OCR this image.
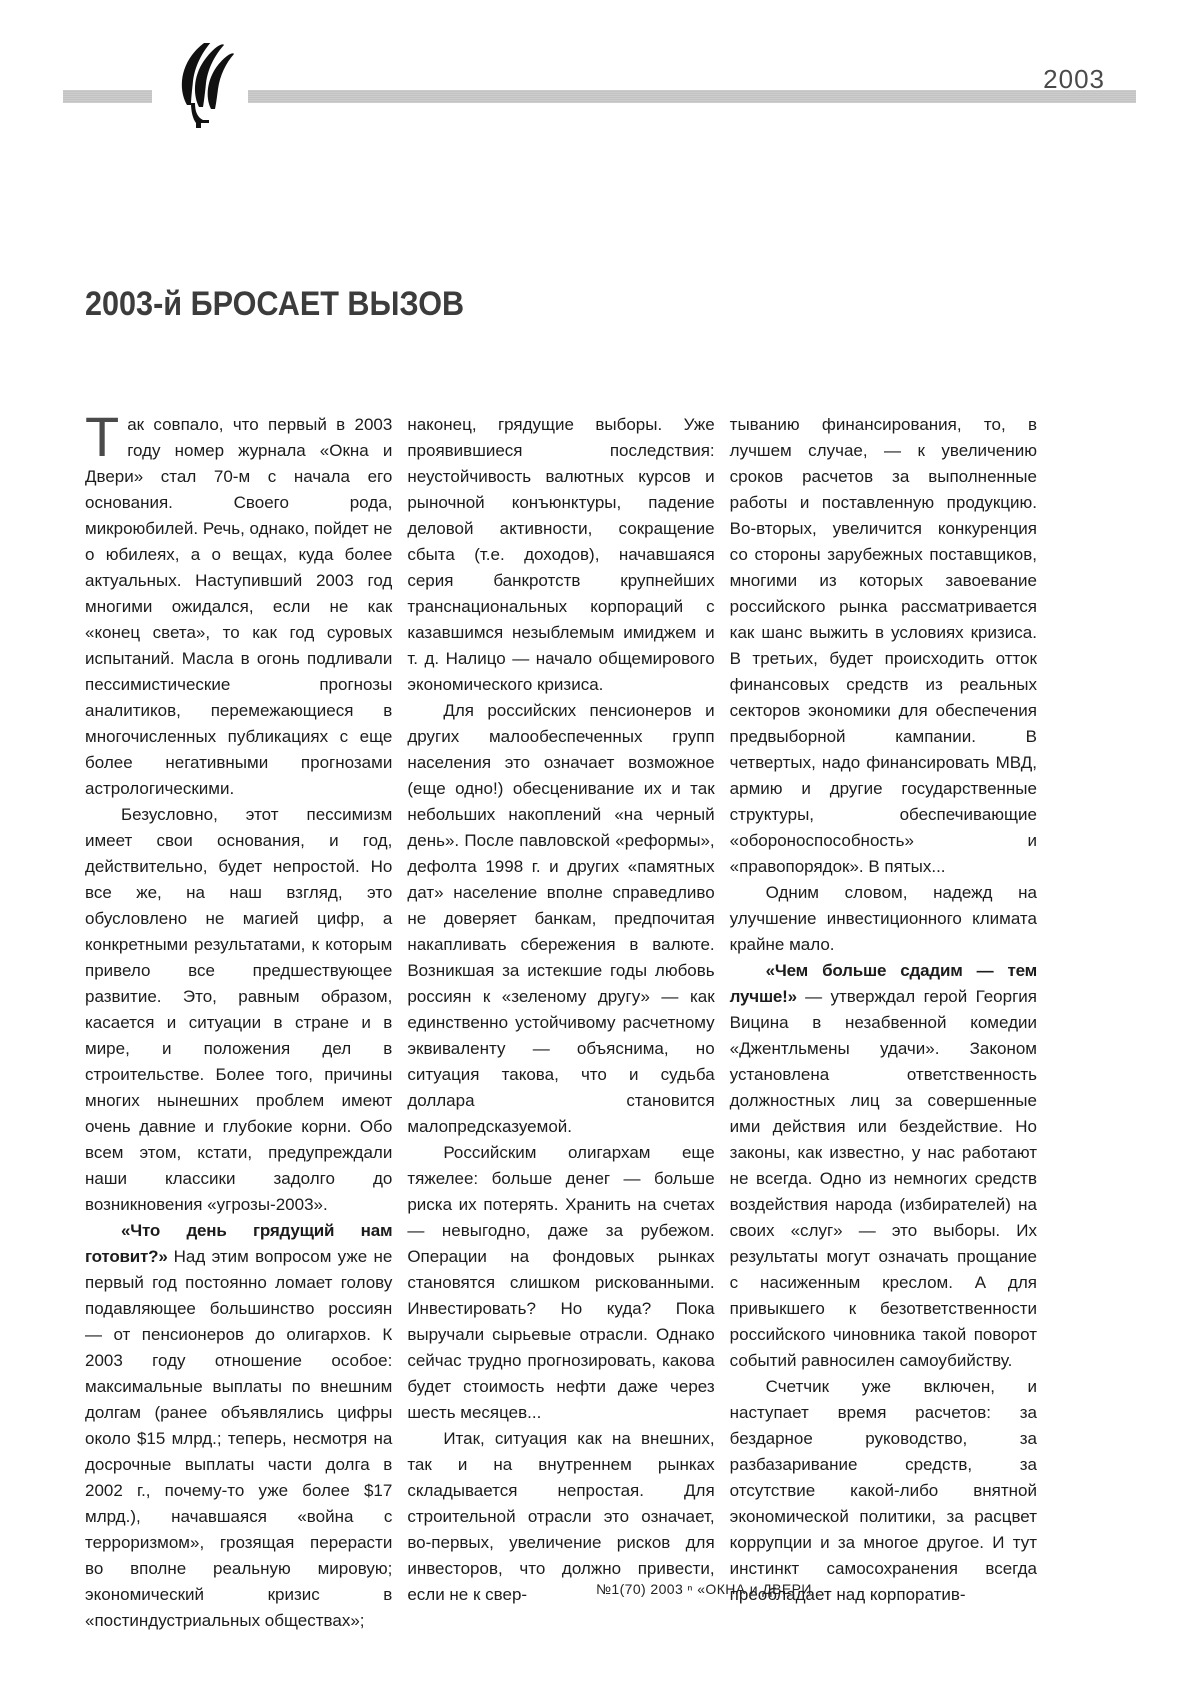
2003
2003-й БРОСАЕТ ВЫЗОВ

Так совпало, что первый в 2003 году номер журнала «Окна и Двери» стал 70-м с начала его основания. Своего рода, микроюбилей. Речь, однако, пойдет не о юбилеях, а о вещах, куда более актуальных. Наступивший 2003 год многими ожидался, если не как «конец света», то как год суровых испытаний. Масла в огонь подливали пессимистические прогнозы аналитиков, перемежающиеся в многочисленных публикациях с еще более негативными прогнозами астрологическими.

Безусловно, этот пессимизм имеет свои основания, и год, действительно, будет непростой. Но все же, на наш взгляд, это обусловлено не магией цифр, а конкретными результатами, к которым привело все предшествующее развитие. Это, равным образом, касается и ситуации в стране и в мире, и положения дел в строительстве. Более того, причины многих нынешних проблем имеют очень давние и глубокие корни. Обо всем этом, кстати, предупреждали наши классики задолго до возникновения «угрозы-2003».

«Что день грядущий нам готовит?» Над этим вопросом уже не первый год постоянно ломает голову подавляющее большинство россиян — от пенсионеров до олигархов. К 2003 году отношение особое: максимальные выплаты по внешним долгам (ранее объявлялись цифры около $15 млрд.; теперь, несмотря на досрочные выплаты части долга в 2002 г., почему-то уже более $17 млрд.), начавшаяся «война с терроризмом», грозящая перерасти во вполне реальную мировую; экономический кризис в «постиндустриальных обществах»;

наконец, грядущие выборы. Уже проявившиеся последствия: неустойчивость валютных курсов и рыночной конъюнктуры, падение деловой активности, сокращение сбыта (т.е. доходов), начавшаяся серия банкротств крупнейших транснациональных корпораций с казавшимся незыблемым имиджем и т. д. Налицо — начало общемирового экономического кризиса.

Для российских пенсионеров и других малообеспеченных групп населения это означает возможное (еще одно!) обесценивание их и так небольших накоплений «на черный день». После павловской «реформы», дефолта 1998 г. и других «памятных дат» население вполне справедливо не доверяет банкам, предпочитая накапливать сбережения в валюте. Возникшая за истекшие годы любовь россиян к «зеленому другу» — как единственно устойчивому расчетному эквиваленту — объяснима, но ситуация такова, что и судьба доллара становится малопредсказуемой.

Российским олигархам еще тяжелее: больше денег — больше риска их потерять. Хранить на счетах — невыгодно, даже за рубежом. Операции на фондовых рынках становятся слишком рискованными. Инвестировать? Но куда? Пока выручали сырьевые отрасли. Однако сейчас трудно прогнозировать, какова будет стоимость нефти даже через шесть месяцев...

Итак, ситуация как на внешних, так и на внутреннем рынках складывается непростая. Для строительной отрасли это означает, во-первых, увеличение рисков для инвесторов, что должно привести, если не к свер-

тыванию финансирования, то, в лучшем случае, — к увеличению сроков расчетов за выполненные работы и поставленную продукцию. Во-вторых, увеличится конкуренция со стороны зарубежных поставщиков, многими из которых завоевание российского рынка рассматривается как шанс выжить в условиях кризиса. В третьих, будет происходить отток финансовых средств из реальных секторов экономики для обеспечения предвыборной кампании. В четвертых, надо финансировать МВД, армию и другие государственные структуры, обеспечивающие «обороноспособность» и «правопорядок». В пятых...

Одним словом, надежд на улучшение инвестиционного климата крайне мало.

«Чем больше сдадим — тем лучше!» — утверждал герой Георгия Вицина в незабвенной комедии «Джентльмены удачи». Законом установлена ответственность должностных лиц за совершенные ими действия или бездействие. Но законы, как известно, у нас работают не всегда. Одно из немногих средств воздействия народа (избирателей) на своих «слуг» — это выборы. Их результаты могут означать прощание с насиженным креслом. А для привыкшего к безответственности российского чиновника такой поворот событий равносилен самоубийству.

Счетчик уже включен, и наступает время расчетов: за бездарное руководство, за разбазаривание средств, за отсутствие какой-либо внятной экономической политики, за расцвет коррупции и за многое другое. И тут инстинкт самосохранения всегда преобладает над корпоратив-

№1(70) 2003 ⁿ «ОКНА и ДВЕРИ
